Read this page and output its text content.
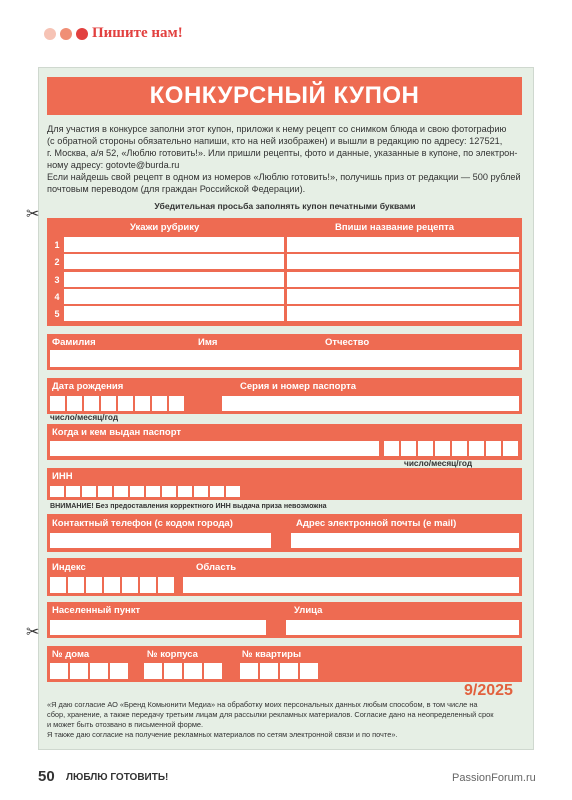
Пишите нам!
КОНКУРСНЫЙ КУПОН
Для участия в конкурсе заполни этот купон, приложи к нему рецепт со снимком блюда и свою фотографию
(с обратной стороны обязательно напиши, кто на ней изображен) и вышли в редакцию по адресу: 127521,
г. Москва, а/я 52, «Люблю готовить!». Или пришли рецепты, фото и данные, указанные в купоне, по электрон-
ному адресу: gotovte@burda.ru
Если найдешь свой рецепт в одном из номеров «Люблю готовить!», получишь приз от редакции — 500 рублей
почтовым переводом (для граждан Российской Федерации).
Убедительная просьба заполнять купон печатными буквами
✂
✂
Укажи рубрику	Впиши название рецепта
1
2
3
4
5
Фамилия	Имя	Отчество
Дата рождения	Серия и номер паспорта
число/месяц/год
Когда и кем выдан паспорт
число/месяц/год
ИНН
ВНИМАНИЕ! Без предоставления корректного ИНН выдача приза невозможна
Контактный телефон (с кодом города)	Адрес электронной почты (е mail)
Индекс	Область
Населенный пункт	Улица
№ дома	№ корпуса	№ квартиры
9/2025
«Я даю согласие АО «Бренд Комьюнити Медиа» на обработку моих персональных данных любым способом, в том числе на
сбор, хранение, а также передачу третьим лицам для рассылки рекламных материалов. Согласие дано на неопределенный срок
и может быть отозвано в письменной форме.
Я также даю согласие на получение рекламных материалов по сетям электронной связи и по почте».
50 ЛЮБЛЮ ГОТОВИТЬ!	PassionForum.ru
